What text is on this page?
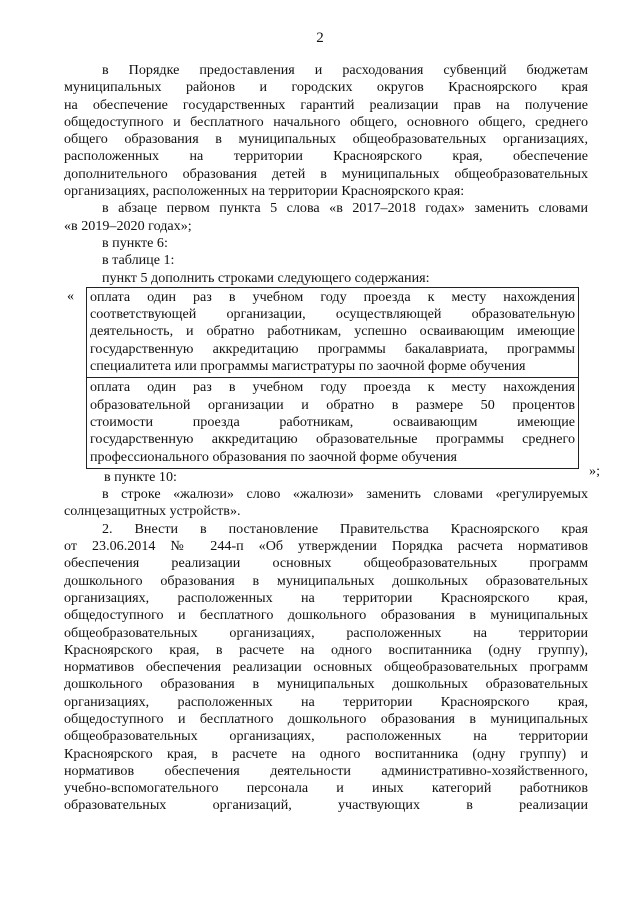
2
в Порядке предоставления и расходования субвенций бюджетам
муниципальных районов и городских округов Красноярского края
на обеспечение государственных гарантий реализации прав на получение
общедоступного и бесплатного начального общего, основного общего, среднего
общего образования в муниципальных общеобразовательных организациях,
расположенных на территории Красноярского края, обеспечение
дополнительного образования детей в муниципальных общеобразовательных
организациях, расположенных на территории Красноярского края:
в абзаце первом пункта 5 слова «в 2017–2018 годах» заменить словами
«в 2019–2020 годах»;
в пункте 6:
в таблице 1:
пункт 5 дополнить строками следующего содержания:
« оплата один раз в учебном году проезда к месту нахождения
соответствующей организации, осуществляющей образовательную
деятельность, и обратно работникам, успешно осваивающим имеющие
государственную аккредитацию программы бакалавриата, программы
специалитета или программы магистратуры по заочной форме обучения
оплата один раз в учебном году проезда к месту нахождения
образовательной организации и обратно в размере 50 процентов
стоимости проезда работникам, осваивающим имеющие
государственную аккредитацию образовательные программы среднего
профессионального образования по заочной форме обучения
»;
в пункте 10:
в строке «жалюзи» слово «жалюзи» заменить словами «регулируемых
солнцезащитных устройств».
2. Внести в постановление Правительства Красноярского края
от 23.06.2014 № 244-п «Об утверждении Порядка расчета нормативов
обеспечения реализации основных общеобразовательных программ
дошкольного образования в муниципальных дошкольных образовательных
организациях, расположенных на территории Красноярского края,
общедоступного и бесплатного дошкольного образования в муниципальных
общеобразовательных организациях, расположенных на территории
Красноярского края, в расчете на одного воспитанника (одну группу),
нормативов обеспечения реализации основных общеобразовательных программ
дошкольного образования в муниципальных дошкольных образовательных
организациях, расположенных на территории Красноярского края,
общедоступного и бесплатного дошкольного образования в муниципальных
общеобразовательных организациях, расположенных на территории
Красноярского края, в расчете на одного воспитанника (одну группу) и
нормативов обеспечения деятельности административно-хозяйственного,
учебно-вспомогательного персонала и иных категорий работников
образовательных организаций, участвующих в реализации
